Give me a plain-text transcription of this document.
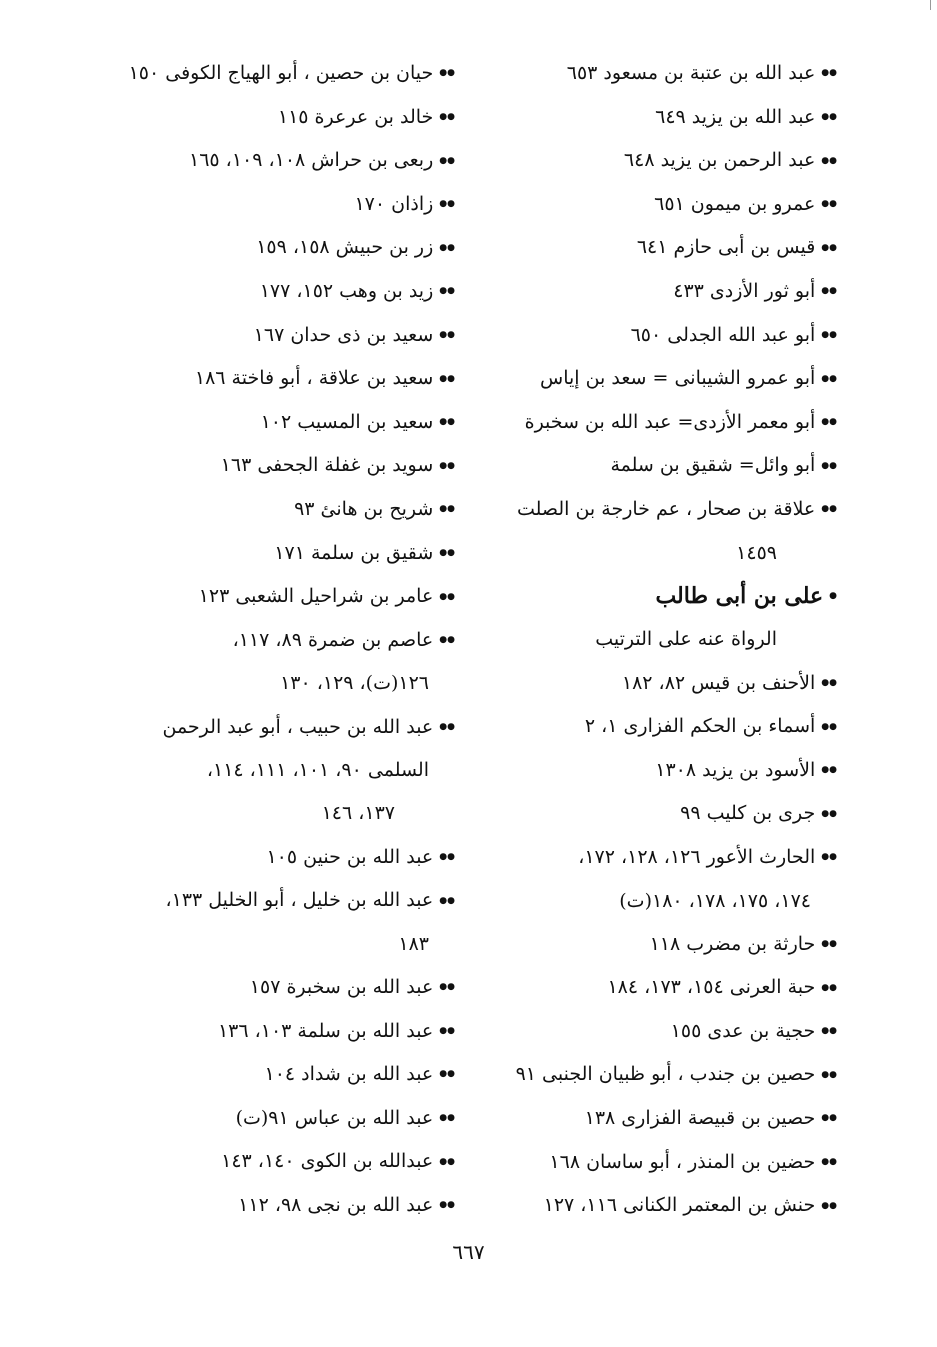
●●عبد الله بن عتبة بن مسعود ٦٥٣
●●عبد الله بن يزيد ٦٤٩
●●عبد الرحمن بن يزيد ٦٤٨
●●عمرو بن ميمون ٦٥١
●●قيس بن أبى حازم ٦٤١
●●أبو ثور الأزدى ٤٣٣
●●أبو عبد الله الجدلى ٦٥٠
●●أبو عمرو الشيبانى = سعد بن إياس
●●أبو معمر الأزدى= عبد الله بن سخبرة
●●أبو وائل= شقيق بن سلمة
●●علاقة بن صحار ، عم خارجة بن الصلت
١٤٥٩
●على بن أبى طالب
الرواة عنه على الترتيب
●●الأحنف بن قيس ٨٢، ١٨٢
●●أسماء بن الحكم الفزارى ١، ٢
●●الأسود بن يزيد ١٣٠٨
●●جرى بن كليب ٩٩
●●الحارث الأعور ١٢٦، ١٢٨، ١٧٢،
١٧٤، ١٧٥، ١٧٨، ١٨٠(ت)
●●حارثة بن مضرب ١١٨
●●حبة العرنى ١٥٤، ١٧٣، ١٨٤
●●حجية بن عدى ١٥٥
●●حصين بن جندب ، أبو ظبيان الجنبى ٩١
●●حصين بن قبيصة الفزارى ١٣٨
●●حضين بن المنذر ، أبو ساسان ١٦٨
●●حنش بن المعتمر الكنانى ١١٦، ١٢٧
●●حيان بن حصين ، أبو الهياج الكوفى ١٥٠
●●خالد بن عرعرة ١١٥
●●ربعى بن حراش ١٠٨، ١٠٩، ١٦٥
●●زاذان ١٧٠
●●زر بن حبيش ١٥٨، ١٥٩
●●زيد بن وهب ١٥٢، ١٧٧
●●سعيد بن ذى حدان ١٦٧
●●سعيد بن علاقة ، أبو فاختة ١٨٦
●●سعيد بن المسيب ١٠٢
●●سويد بن غفلة الجحفى ١٦٣
●●شريح بن هانئ ٩٣
●●شقيق بن سلمة ١٧١
●●عامر بن شراحيل الشعبى ١٢٣
●●عاصم بن ضمرة ٨٩، ١١٧،
١٢٦(ت)، ١٢٩، ١٣٠
●●عبد الله بن حبيب ، أبو عبد الرحمن
السلمى ٩٠، ١٠١، ١١١، ١١٤،
١٣٧، ١٤٦
●●عبد الله بن حنين ١٠٥
●●عبد الله بن خليل ، أبو الخليل ١٣٣،
١٨٣
●●عبد الله بن سخبرة ١٥٧
●●عبد الله بن سلمة ١٠٣، ١٣٦
●●عبد الله بن شداد ١٠٤
●●عبد الله بن عباس ٩١(ت)
●●عبدالله بن الكوى ١٤٠، ١٤٣
●●عبد الله بن نجى ٩٨، ١١٢
٦٦٧
